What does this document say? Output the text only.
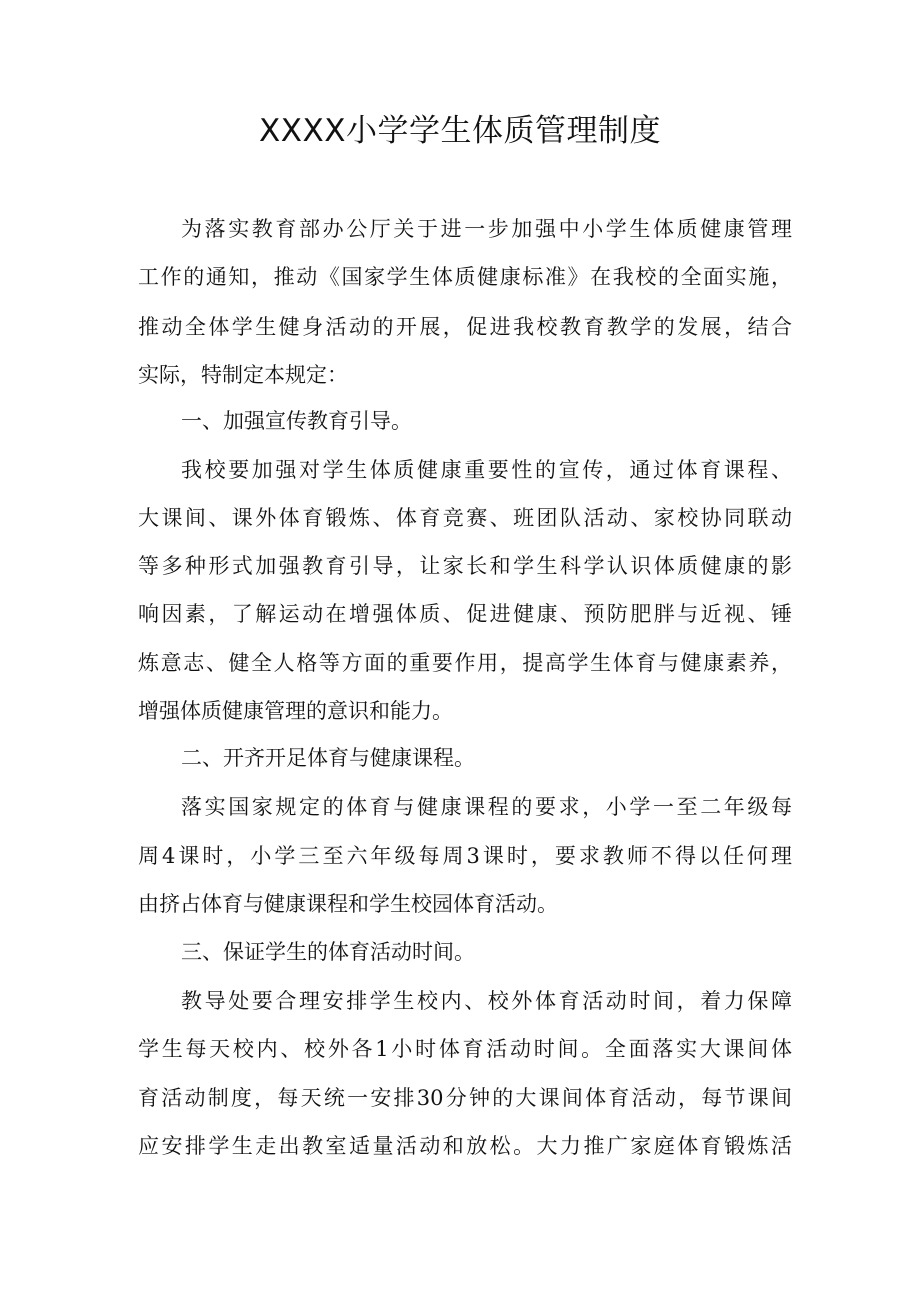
XXXX小学学生体质管理制度
为落实教育部办公厅关于进一步加强中小学生体质健康管理
工作的通知，推动《国家学生体质健康标准》在我校的全面实施，
推动全体学生健身活动的开展，促进我校教育教学的发展，结合
实际，特制定本规定：
一、加强宣传教育引导。
我校要加强对学生体质健康重要性的宣传，通过体育课程、
大课间、课外体育锻炼、体育竞赛、班团队活动、家校协同联动
等多种形式加强教育引导，让家长和学生科学认识体质健康的影
响因素，了解运动在增强体质、促进健康、预防肥胖与近视、锤
炼意志、健全人格等方面的重要作用，提高学生体育与健康素养，
增强体质健康管理的意识和能力。
二、开齐开足体育与健康课程。
落实国家规定的体育与健康课程的要求，小学一至二年级每
周4课时，小学三至六年级每周3课时，要求教师不得以任何理
由挤占体育与健康课程和学生校园体育活动。
三、保证学生的体育活动时间。
教导处要合理安排学生校内、校外体育活动时间，着力保障
学生每天校内、校外各1小时体育活动时间。全面落实大课间体
育活动制度，每天统一安排30分钟的大课间体育活动，每节课间
应安排学生走出教室适量活动和放松。大力推广家庭体育锻炼活
